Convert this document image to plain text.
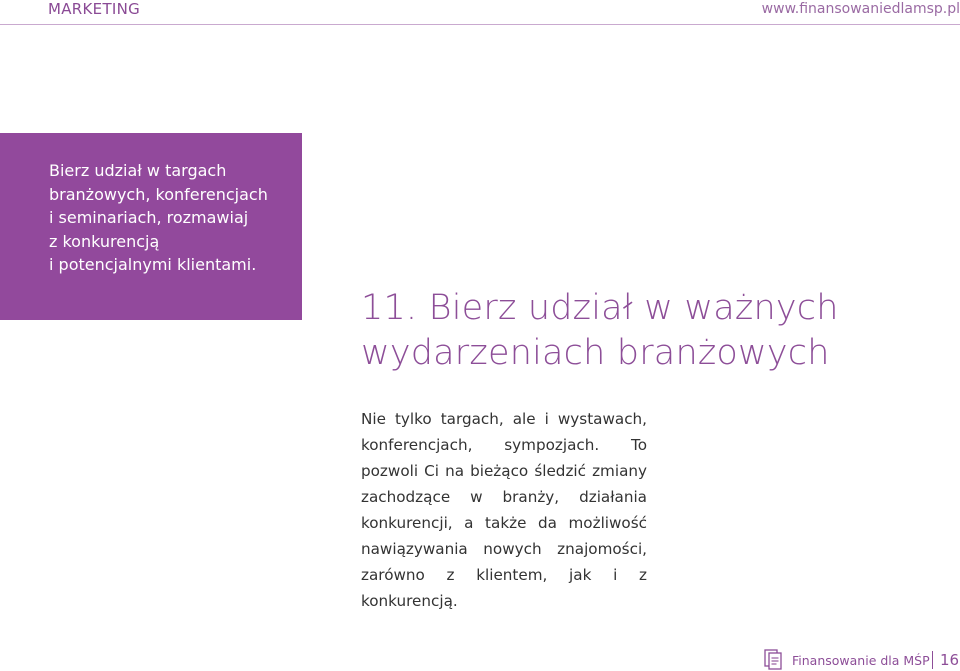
MARKETING	www.finansowaniedlamsp.pl
Bierz udział w targach
branżowych, konferencjach
i seminariach, rozmawiaj
z konkurencją
i potencjalnymi klientami.
11. Bierz udział w ważnych wydarzeniach branżowych
Nie tylko targach, ale i wystawach, konferencjach, sympozjach. To pozwoli Ci na bieżąco śledzić zmiany zachodzące w branży, działania konkurencji, a także da możliwość nawiązywania nowych znajomości, zarówno z klientem, jak i z konkurencją.
Finansowanie dla MŚP 16
